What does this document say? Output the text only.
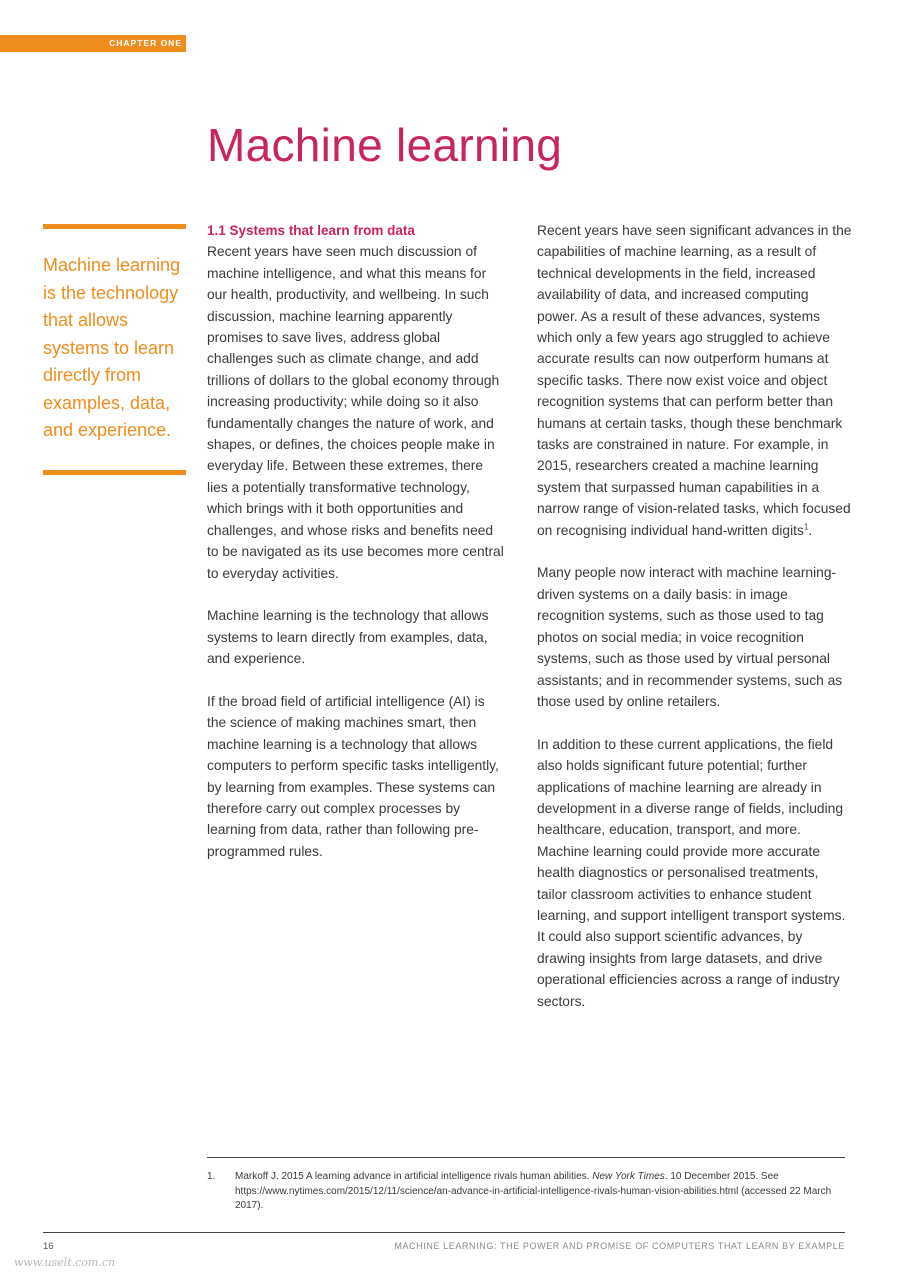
CHAPTER ONE
Machine learning
Machine learning is the technology that allows systems to learn directly from examples, data, and experience.
1.1 Systems that learn from data

Recent years have seen much discussion of machine intelligence, and what this means for our health, productivity, and wellbeing. In such discussion, machine learning apparently promises to save lives, address global challenges such as climate change, and add trillions of dollars to the global economy through increasing productivity; while doing so it also fundamentally changes the nature of work, and shapes, or defines, the choices people make in everyday life. Between these extremes, there lies a potentially transformative technology, which brings with it both opportunities and challenges, and whose risks and benefits need to be navigated as its use becomes more central to everyday activities.

Machine learning is the technology that allows systems to learn directly from examples, data, and experience.

If the broad field of artificial intelligence (AI) is the science of making machines smart, then machine learning is a technology that allows computers to perform specific tasks intelligently, by learning from examples. These systems can therefore carry out complex processes by learning from data, rather than following pre-programmed rules.

Recent years have seen significant advances in the capabilities of machine learning, as a result of technical developments in the field, increased availability of data, and increased computing power. As a result of these advances, systems which only a few years ago struggled to achieve accurate results can now outperform humans at specific tasks. There now exist voice and object recognition systems that can perform better than humans at certain tasks, though these benchmark tasks are constrained in nature. For example, in 2015, researchers created a machine learning system that surpassed human capabilities in a narrow range of vision-related tasks, which focused on recognising individual hand-written digits$^1$.

Many people now interact with machine learning-driven systems on a daily basis: in image recognition systems, such as those used to tag photos on social media; in voice recognition systems, such as those used by virtual personal assistants; and in recommender systems, such as those used by online retailers.

In addition to these current applications, the field also holds significant future potential; further applications of machine learning are already in development in a diverse range of fields, including healthcare, education, transport, and more. Machine learning could provide more accurate health diagnostics or personalised treatments, tailor classroom activities to enhance student learning, and support intelligent transport systems. It could also support scientific advances, by drawing insights from large datasets, and drive operational efficiencies across a range of industry sectors.

1. Markoff J. 2015 A learning advance in artificial intelligence rivals human abilities. New York Times. 10 December 2015. See https://www.nytimes.com/2015/12/11/science/an-advance-in-artificial-intelligence-rivals-human-vision-abilities.html (accessed 22 March 2017).
16	MACHINE LEARNING: THE POWER AND PROMISE OF COMPUTERS THAT LEARN BY EXAMPLE
www.uselt.com.cn
